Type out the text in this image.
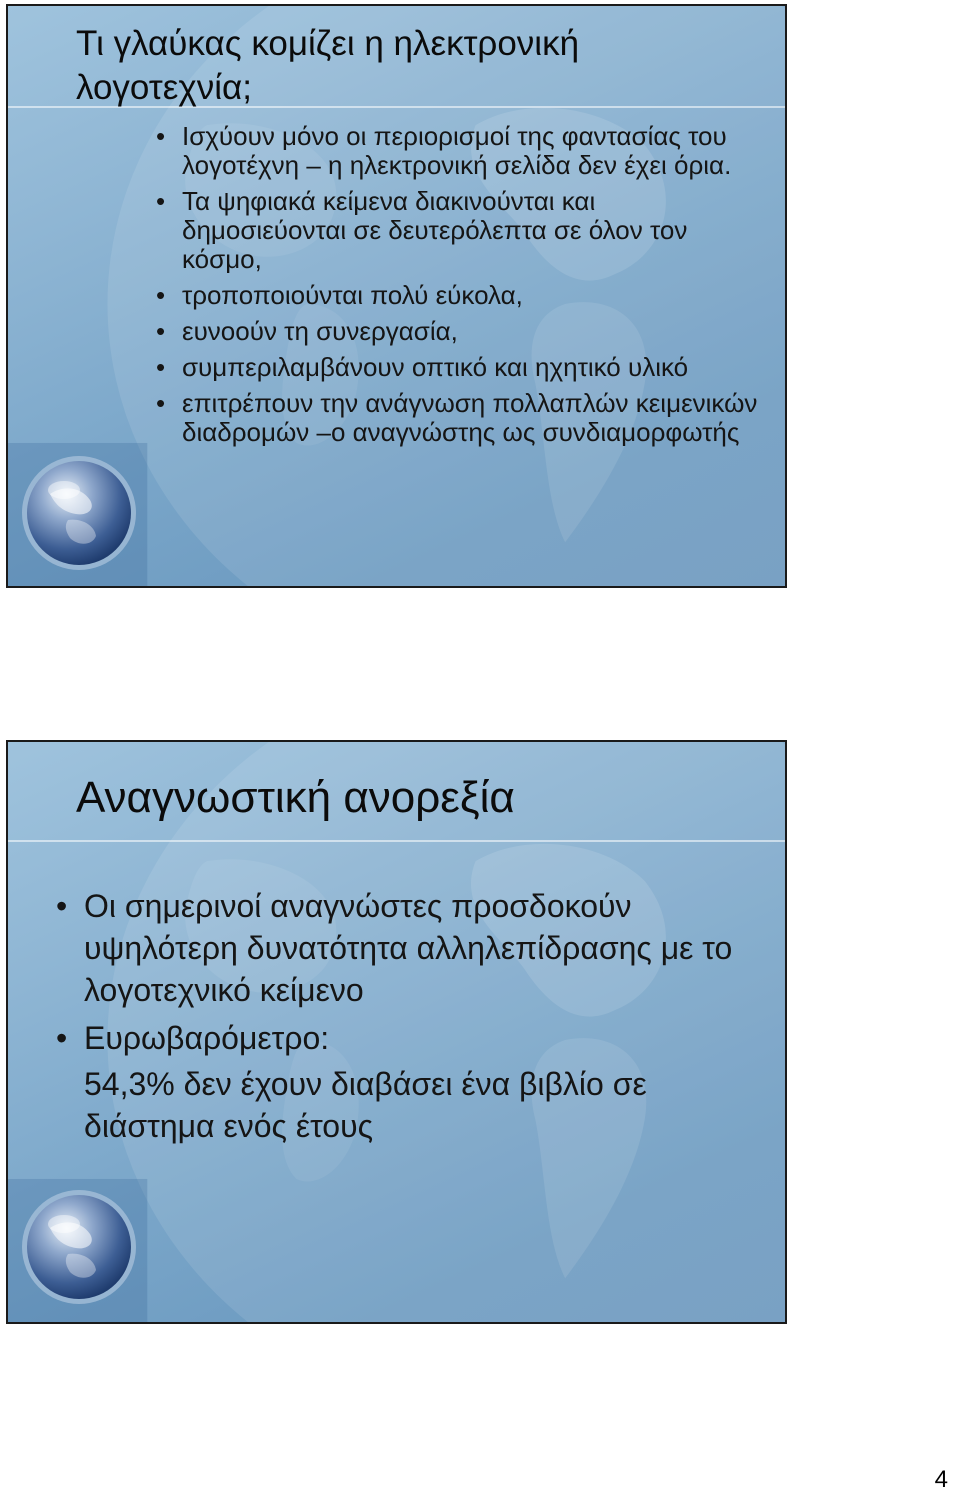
Τι γλαύκας κομίζει η ηλεκτρονική λογοτεχνία;
• Ισχύουν μόνο οι περιορισμοί της φαντασίας του λογοτέχνη – η ηλεκτρονική σελίδα δεν έχει όρια.
• Τα ψηφιακά κείμενα διακινούνται και δημοσιεύονται σε δευτερόλεπτα σε όλον τον κόσμο,
• τροποποιούνται πολύ εύκολα,
• ευνοούν τη συνεργασία,
• συμπεριλαμβάνουν οπτικό και ηχητικό υλικό
• επιτρέπουν την ανάγνωση πολλαπλών κειμενικών διαδρομών –ο αναγνώστης ως συνδιαμορφωτής
Αναγνωστική ανορεξία
• Οι σημερινοί αναγνώστες προσδοκούν υψηλότερη δυνατότητα αλληλεπίδρασης με το λογοτεχνικό κείμενο
• Ευρωβαρόμετρο:
54,3% δεν έχουν διαβάσει ένα βιβλίο σε διάστημα ενός έτους
4
